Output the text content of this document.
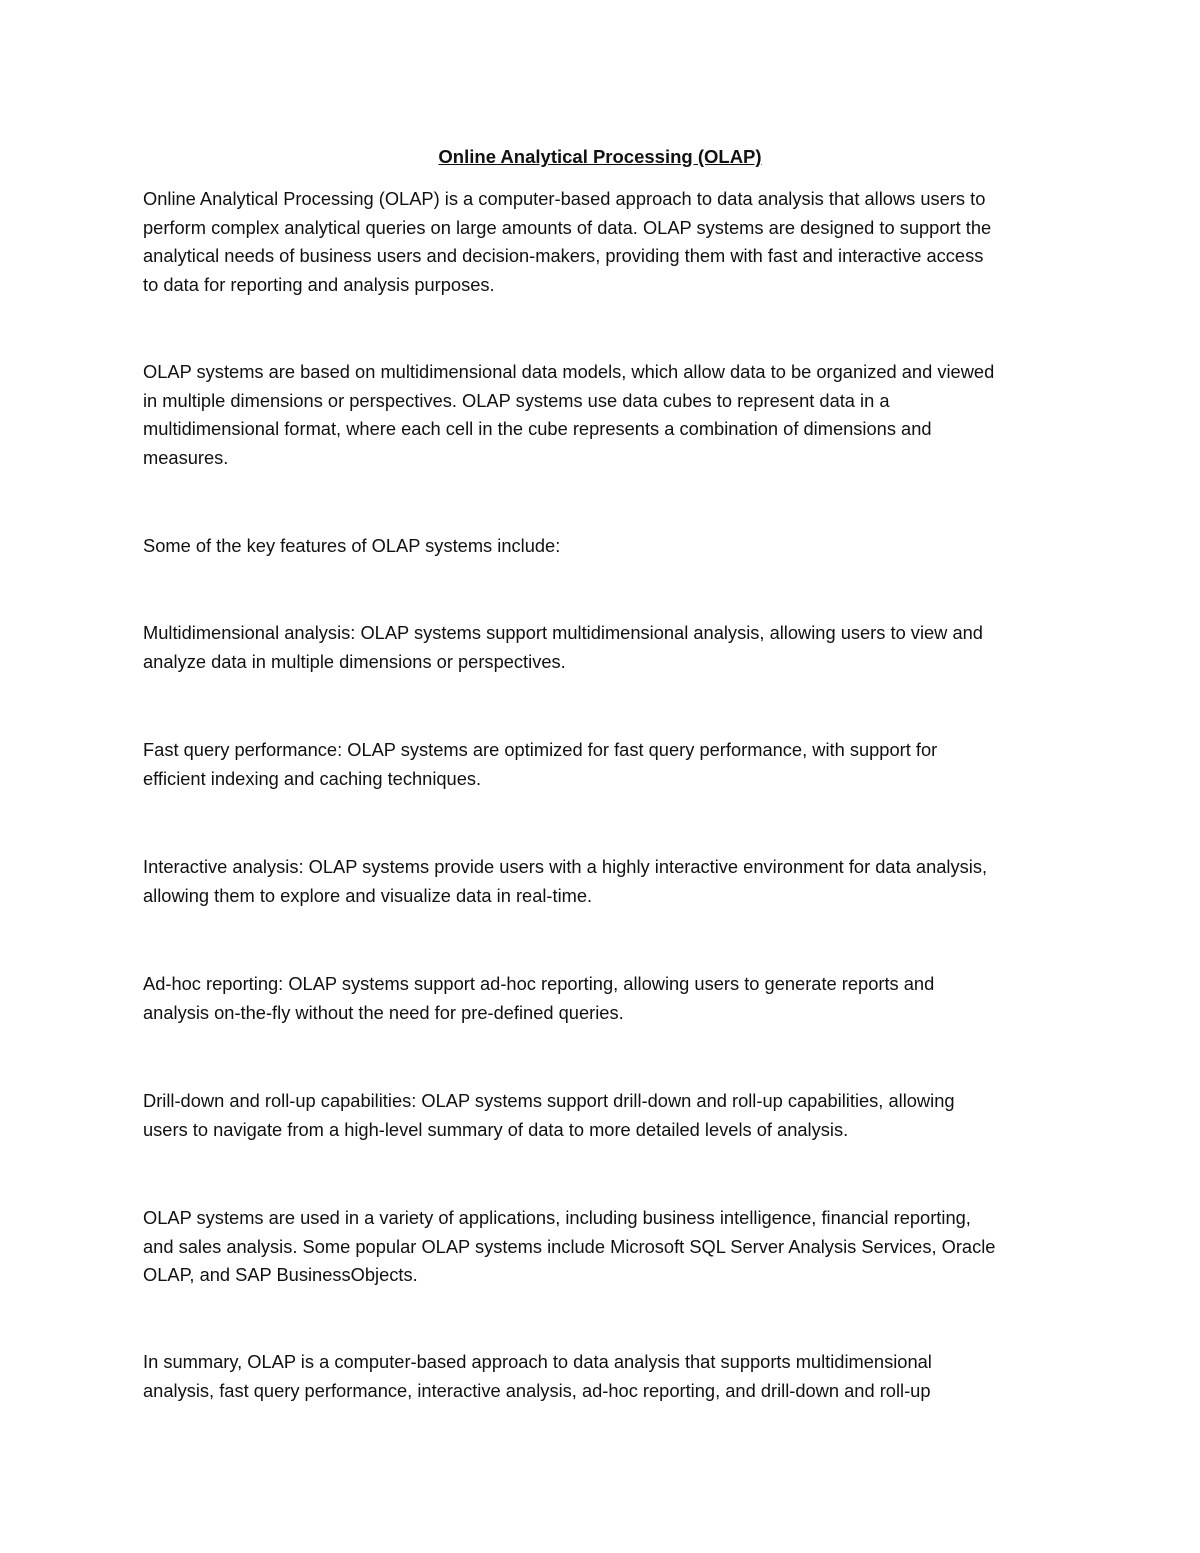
Online Analytical Processing (OLAP)

Online Analytical Processing (OLAP) is a computer-based approach to data analysis that allows users to
perform complex analytical queries on large amounts of data. OLAP systems are designed to support the
analytical needs of business users and decision-makers, providing them with fast and interactive access
to data for reporting and analysis purposes.

OLAP systems are based on multidimensional data models, which allow data to be organized and viewed
in multiple dimensions or perspectives. OLAP systems use data cubes to represent data in a
multidimensional format, where each cell in the cube represents a combination of dimensions and
measures.

Some of the key features of OLAP systems include:

Multidimensional analysis: OLAP systems support multidimensional analysis, allowing users to view and
analyze data in multiple dimensions or perspectives.

Fast query performance: OLAP systems are optimized for fast query performance, with support for
efficient indexing and caching techniques.

Interactive analysis: OLAP systems provide users with a highly interactive environment for data analysis,
allowing them to explore and visualize data in real-time.

Ad-hoc reporting: OLAP systems support ad-hoc reporting, allowing users to generate reports and
analysis on-the-fly without the need for pre-defined queries.

Drill-down and roll-up capabilities: OLAP systems support drill-down and roll-up capabilities, allowing
users to navigate from a high-level summary of data to more detailed levels of analysis.

OLAP systems are used in a variety of applications, including business intelligence, financial reporting,
and sales analysis. Some popular OLAP systems include Microsoft SQL Server Analysis Services, Oracle
OLAP, and SAP BusinessObjects.

In summary, OLAP is a computer-based approach to data analysis that supports multidimensional
analysis, fast query performance, interactive analysis, ad-hoc reporting, and drill-down and roll-up
